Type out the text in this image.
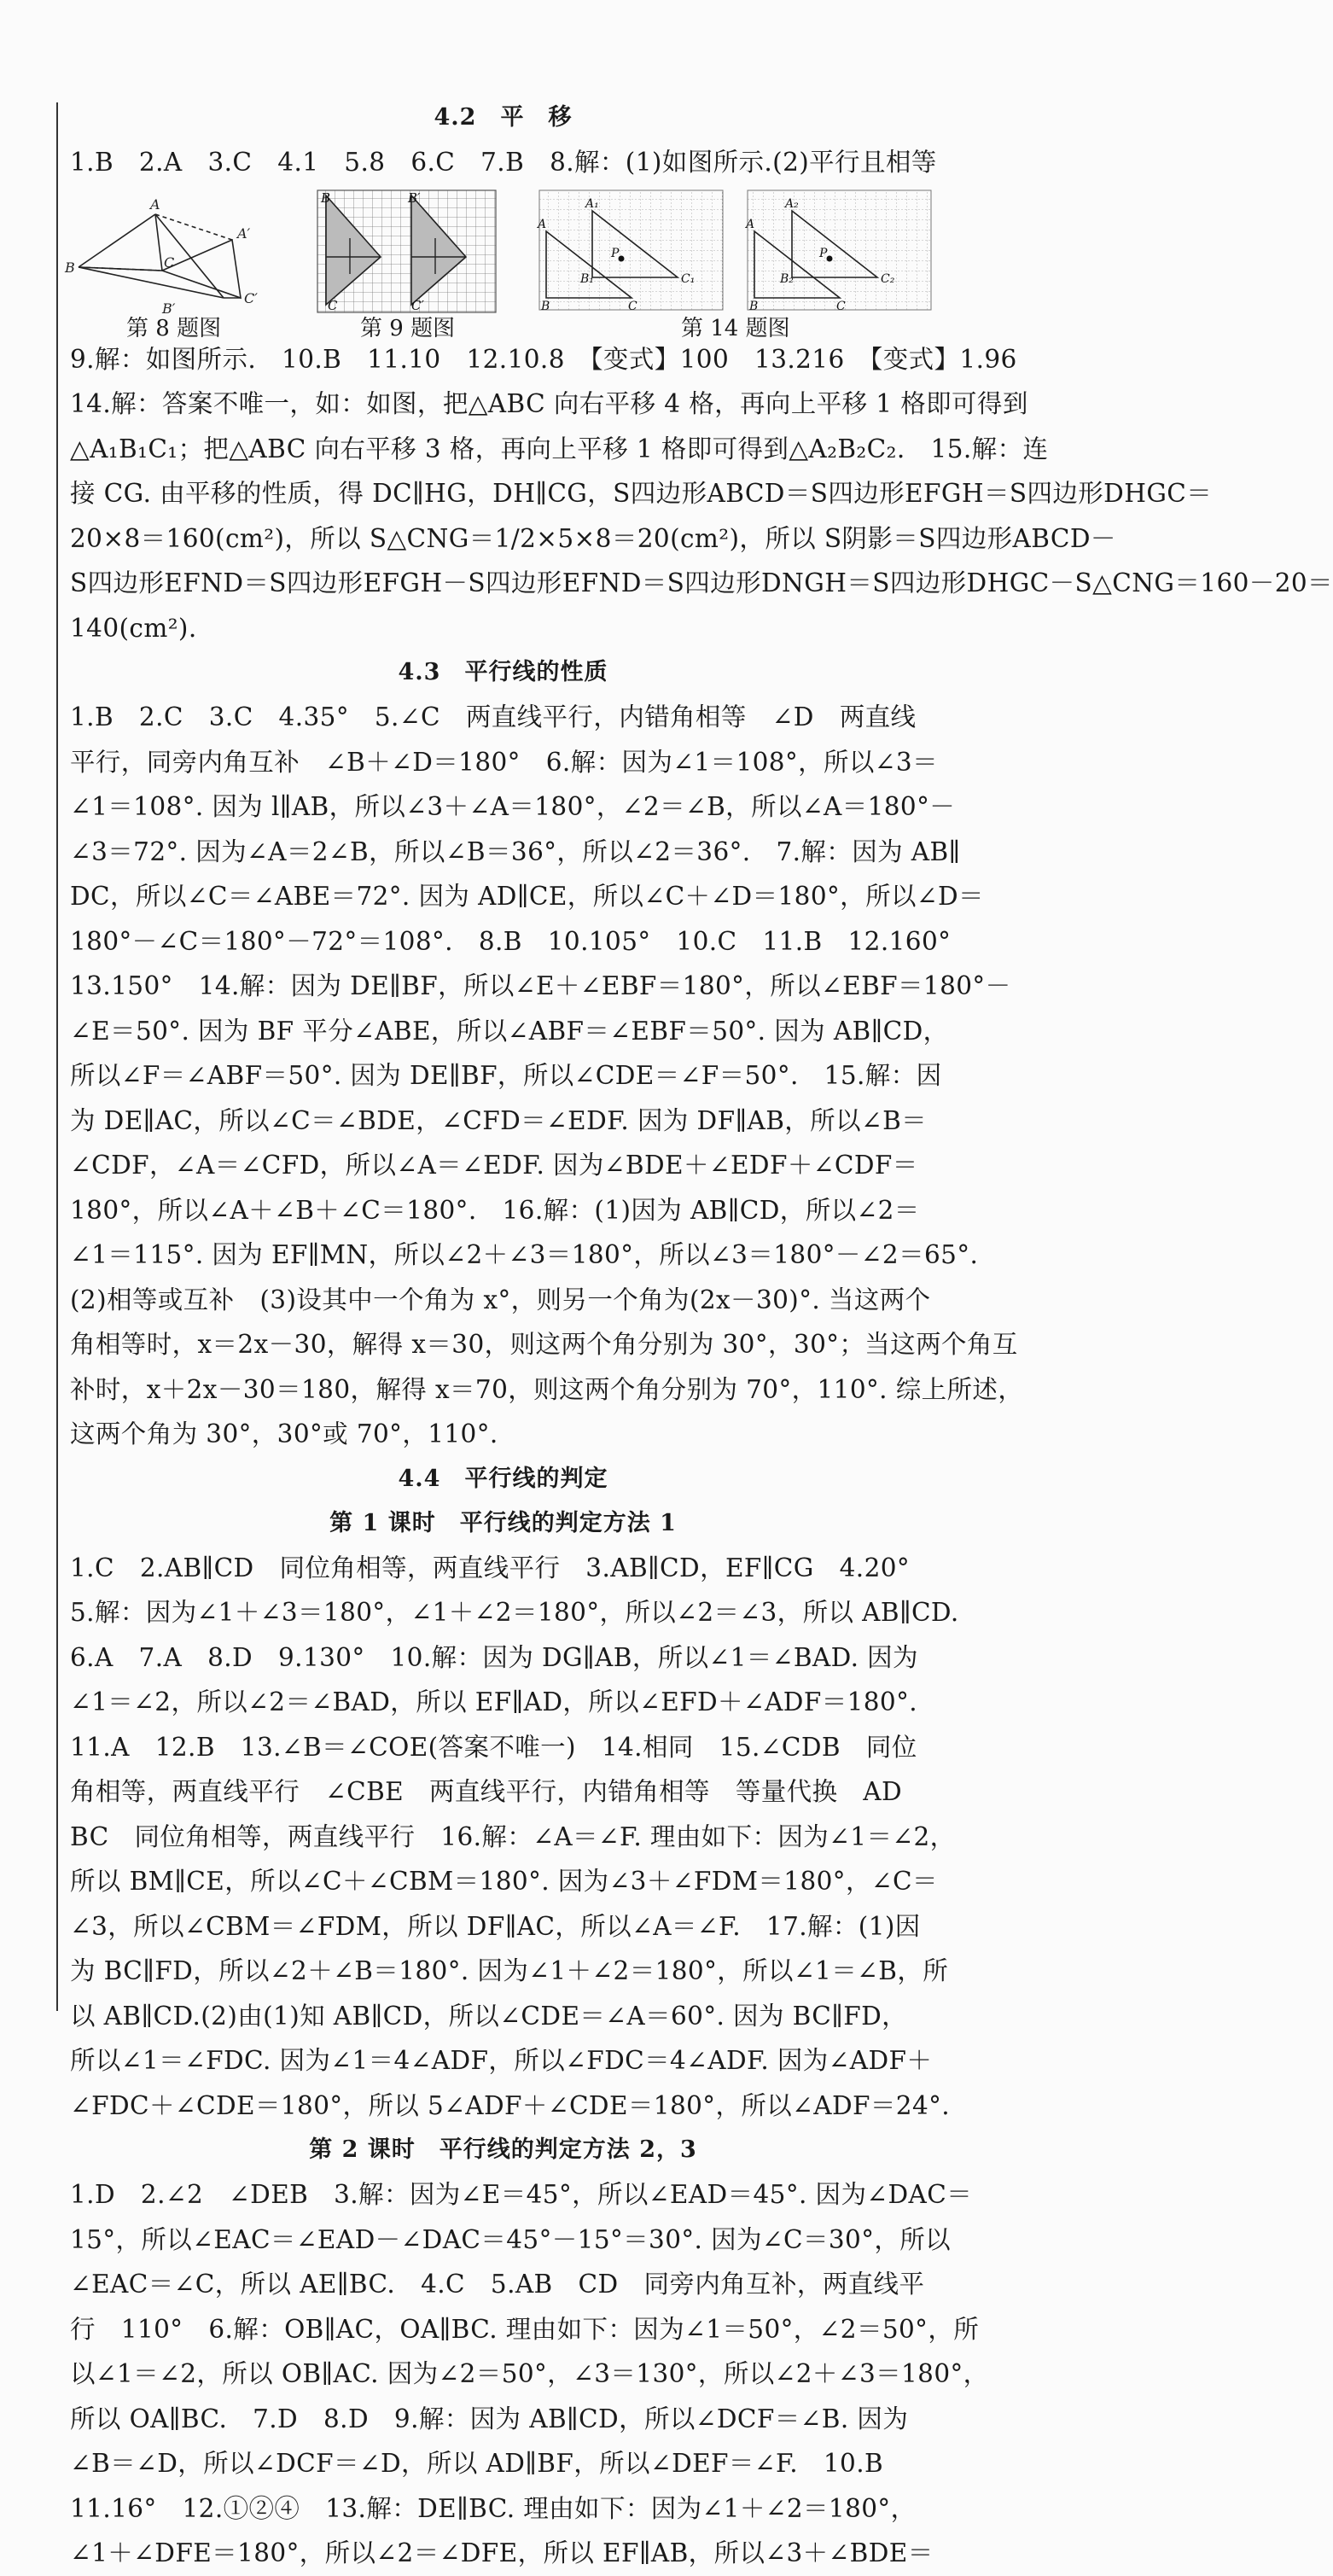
4.2　平　移
1.B　2.A　3.C　4.1　5.8　6.C　7.B　8.解：(1)如图所示.(2)平行且相等
A
B	C
A′
B′
C′
B	B′
C	C′
A₁
A
B₁
P
C₁
B	C
A₂
A
B₂
P
C₂
B	C
第 8 题图	第 9 题图	第 14 题图
9.解：如图所示.　10.B　11.10　12.10.8　【变式】100　13.216　【变式】1.96
14.解：答案不唯一，如：如图，把△ABC 向右平移 4 格，再向上平移 1 格即可得到
△A₁B₁C₁；把△ABC 向右平移 3 格，再向上平移 1 格即可得到△A₂B₂C₂.　15.解：连
接 CG. 由平移的性质，得 DC∥HG，DH∥CG，S四边形ABCD＝S四边形EFGH＝S四边形DHGC＝
20×8＝160(cm²)，所以 S△CNG＝1/2×5×8＝20(cm²)，所以 S阴影＝S四边形ABCD－
S四边形EFND＝S四边形EFGH－S四边形EFND＝S四边形DNGH＝S四边形DHGC－S△CNG＝160－20＝
140(cm²).
4.3　平行线的性质
1.B　2.C　3.C　4.35°　5.∠C　两直线平行，内错角相等　∠D　两直线
平行，同旁内角互补　∠B＋∠D＝180°　6.解：因为∠1＝108°，所以∠3＝
∠1＝108°. 因为 l∥AB，所以∠3＋∠A＝180°，∠2＝∠B，所以∠A＝180°－
∠3＝72°. 因为∠A＝2∠B，所以∠B＝36°，所以∠2＝36°.　7.解：因为 AB∥
DC，所以∠C＝∠ABE＝72°. 因为 AD∥CE，所以∠C＋∠D＝180°，所以∠D＝
180°－∠C＝180°－72°＝108°.　8.B　10.105°　10.C　11.B　12.160°
13.150°　14.解：因为 DE∥BF，所以∠E＋∠EBF＝180°，所以∠EBF＝180°－
∠E＝50°. 因为 BF 平分∠ABE，所以∠ABF＝∠EBF＝50°. 因为 AB∥CD，
所以∠F＝∠ABF＝50°. 因为 DE∥BF，所以∠CDE＝∠F＝50°.　15.解：因
为 DE∥AC，所以∠C＝∠BDE，∠CFD＝∠EDF. 因为 DF∥AB，所以∠B＝
∠CDF，∠A＝∠CFD，所以∠A＝∠EDF. 因为∠BDE＋∠EDF＋∠CDF＝
180°，所以∠A＋∠B＋∠C＝180°.　16.解：(1)因为 AB∥CD，所以∠2＝
∠1＝115°. 因为 EF∥MN，所以∠2＋∠3＝180°，所以∠3＝180°－∠2＝65°.
(2)相等或互补　(3)设其中一个角为 x°，则另一个角为(2x－30)°. 当这两个
角相等时，x＝2x－30，解得 x＝30，则这两个角分别为 30°，30°；当这两个角互
补时，x＋2x－30＝180，解得 x＝70，则这两个角分别为 70°，110°. 综上所述，
这两个角为 30°，30°或 70°，110°.
4.4　平行线的判定
第 1 课时　平行线的判定方法 1
1.C　2.AB∥CD　同位角相等，两直线平行　3.AB∥CD，EF∥CG　4.20°
5.解：因为∠1＋∠3＝180°，∠1＋∠2＝180°，所以∠2＝∠3，所以 AB∥CD.
6.A　7.A　8.D　9.130°　10.解：因为 DG∥AB，所以∠1＝∠BAD. 因为
∠1＝∠2，所以∠2＝∠BAD，所以 EF∥AD，所以∠EFD＋∠ADF＝180°.
11.A　12.B　13.∠B＝∠COE(答案不唯一)　14.相同　15.∠CDB　同位
角相等，两直线平行　∠CBE　两直线平行，内错角相等　等量代换　AD
BC　同位角相等，两直线平行　16.解：∠A＝∠F. 理由如下：因为∠1＝∠2，
所以 BM∥CE，所以∠C＋∠CBM＝180°. 因为∠3＋∠FDM＝180°，∠C＝
∠3，所以∠CBM＝∠FDM，所以 DF∥AC，所以∠A＝∠F.　17.解：(1)因
为 BC∥FD，所以∠2＋∠B＝180°. 因为∠1＋∠2＝180°，所以∠1＝∠B，所
以 AB∥CD.(2)由(1)知 AB∥CD，所以∠CDE＝∠A＝60°. 因为 BC∥FD，
所以∠1＝∠FDC. 因为∠1＝4∠ADF，所以∠FDC＝4∠ADF. 因为∠ADF＋
∠FDC＋∠CDE＝180°，所以 5∠ADF＋∠CDE＝180°，所以∠ADF＝24°.
第 2 课时　平行线的判定方法 2，3
1.D　2.∠2　∠DEB　3.解：因为∠E＝45°，所以∠EAD＝45°. 因为∠DAC＝
15°，所以∠EAC＝∠EAD－∠DAC＝45°－15°＝30°. 因为∠C＝30°，所以
∠EAC＝∠C，所以 AE∥BC.　4.C　5.AB　CD　同旁内角互补，两直线平
行　110°　6.解：OB∥AC，OA∥BC. 理由如下：因为∠1＝50°，∠2＝50°，所
以∠1＝∠2，所以 OB∥AC. 因为∠2＝50°，∠3＝130°，所以∠2＋∠3＝180°，
所以 OA∥BC.　7.D　8.D　9.解：因为 AB∥CD，所以∠DCF＝∠B. 因为
∠B＝∠D，所以∠DCF＝∠D，所以 AD∥BF，所以∠DEF＝∠F.　10.B
11.16°　12.①②④　13.解：DE∥BC. 理由如下：因为∠1＋∠2＝180°，
∠1＋∠DFE＝180°，所以∠2＝∠DFE，所以 EF∥AB，所以∠3＋∠BDE＝
